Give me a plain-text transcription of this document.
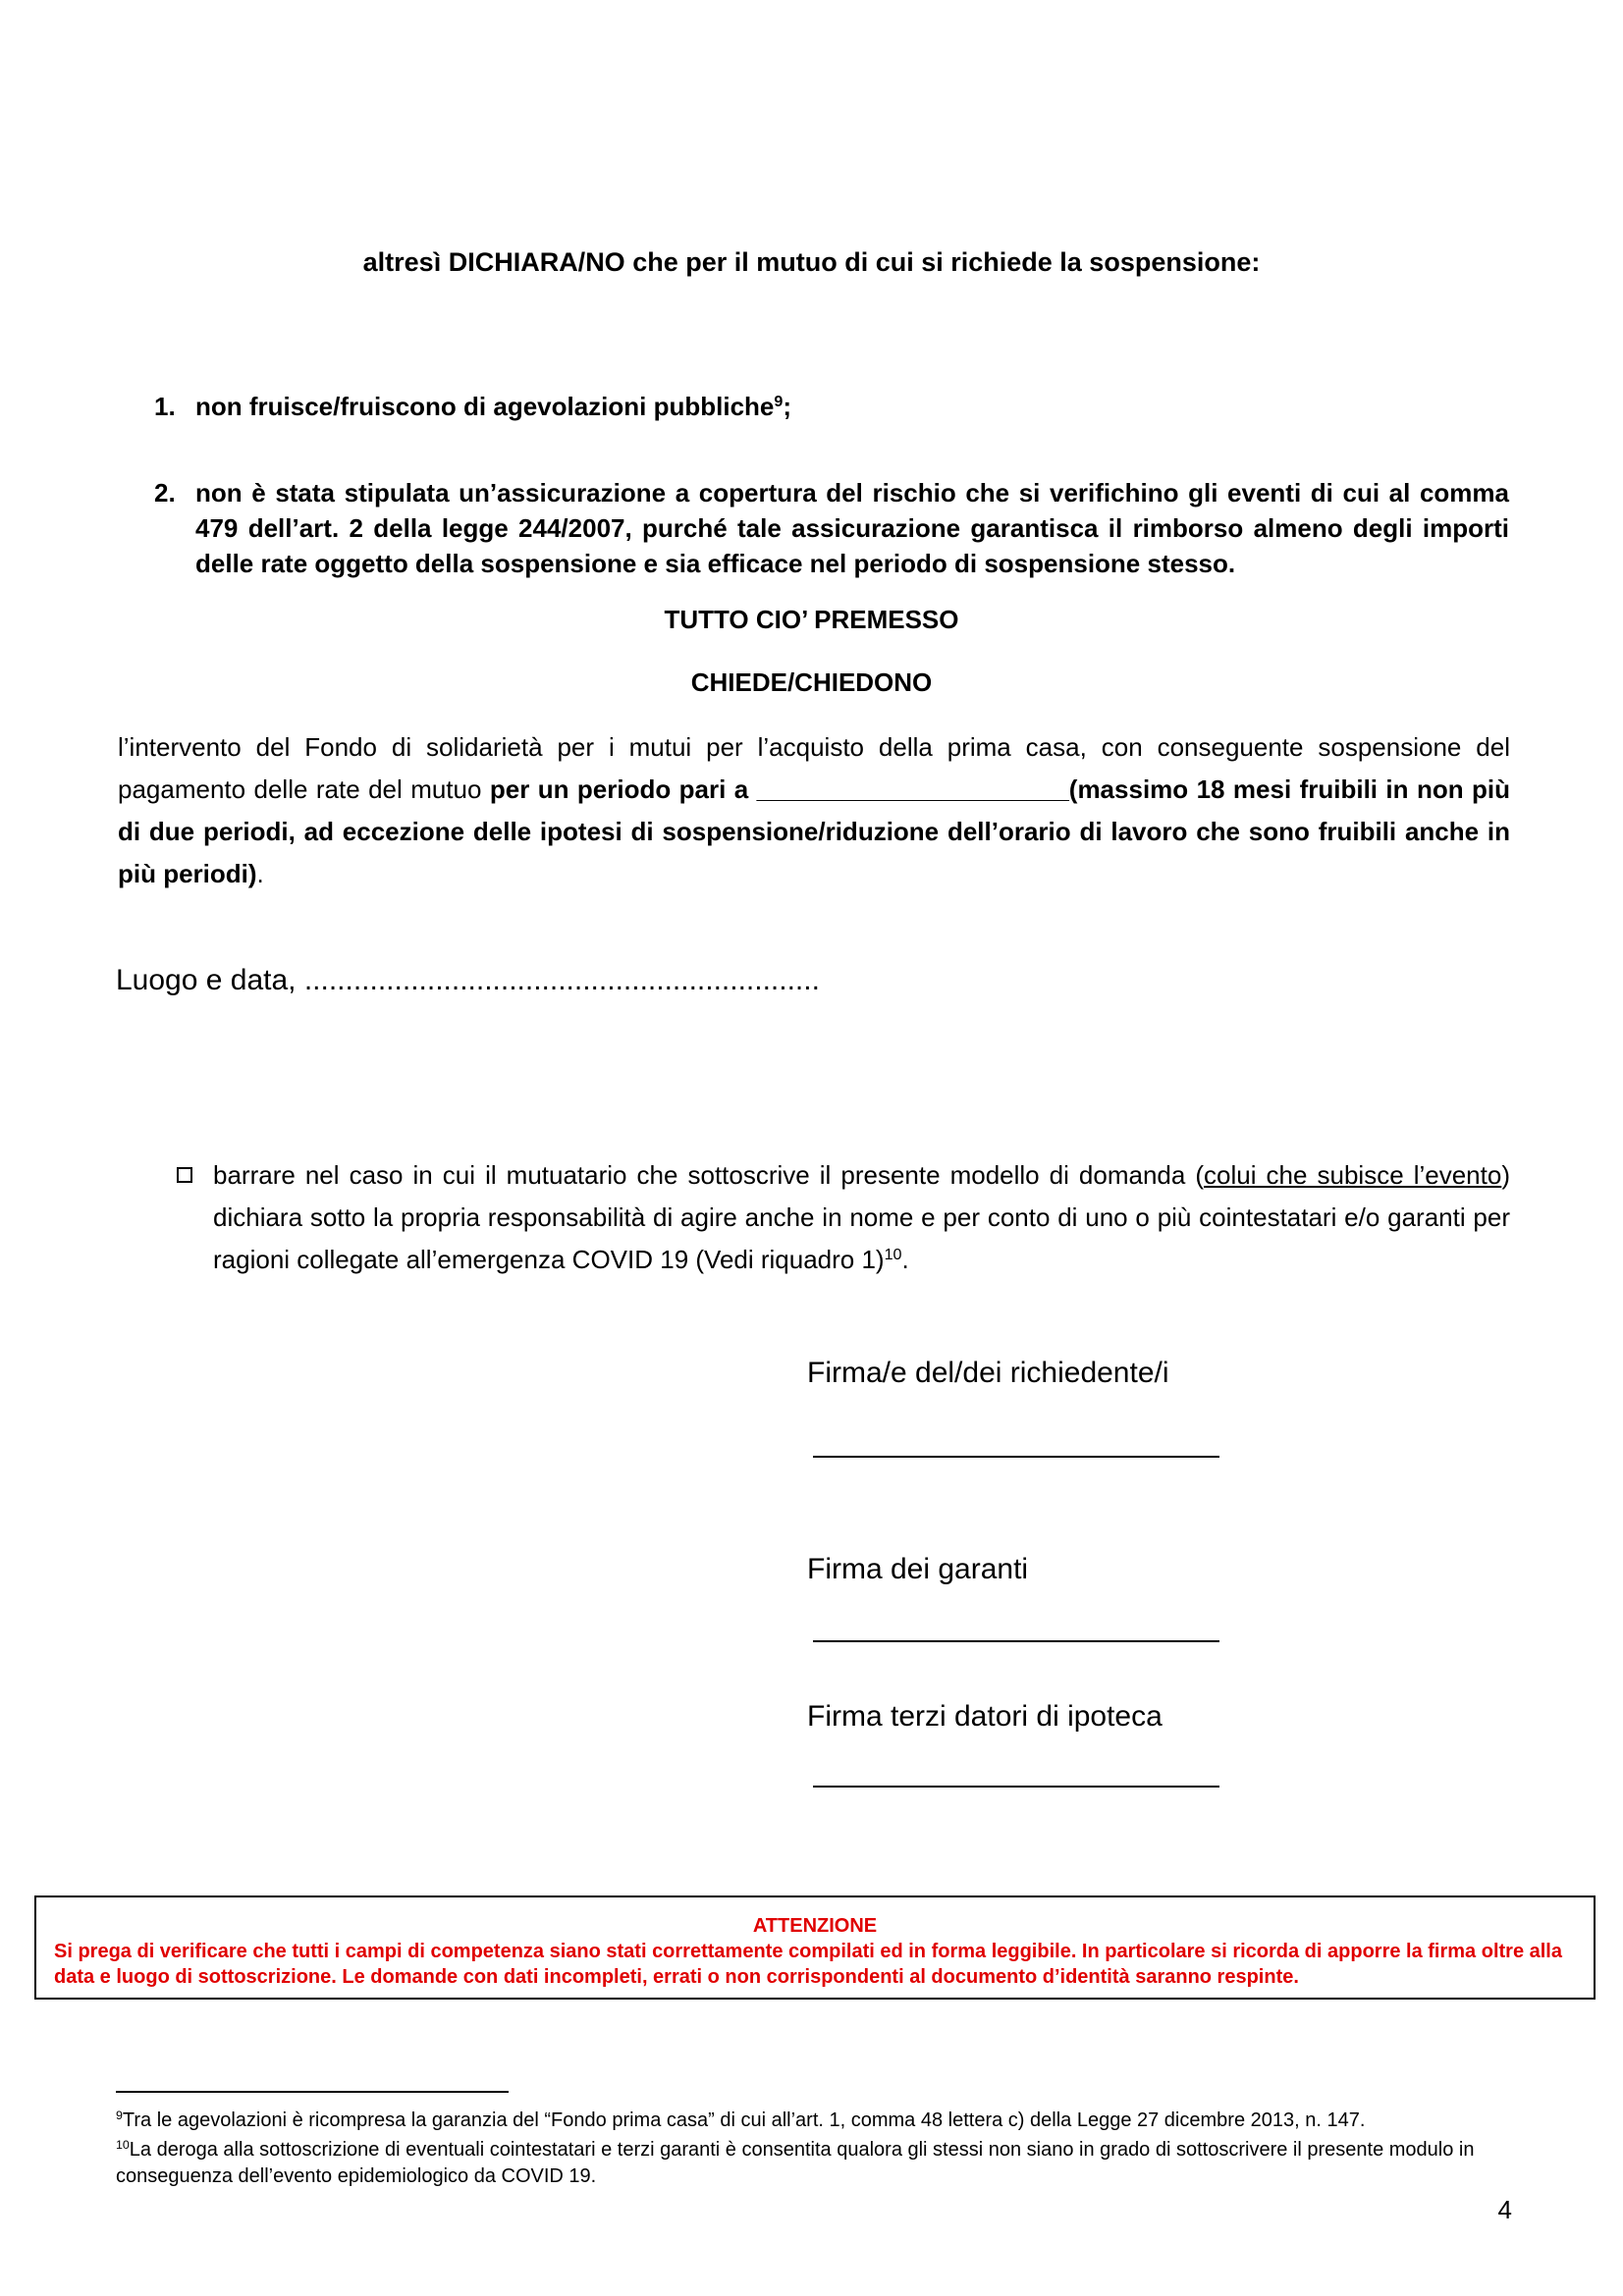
altresì DICHIARA/NO che per il mutuo di cui si richiede la sospensione:
1. non fruisce/fruiscono di agevolazioni pubbliche$^9$;
2. non è stata stipulata un’assicurazione a copertura del rischio che si verifichino gli eventi di cui al comma 479 dell’art. 2 della legge 244/2007, purché tale assicurazione garantisca il rimborso almeno degli importi delle rate oggetto della sospensione e sia efficace nel periodo di sospensione stesso.
TUTTO CIO’ PREMESSO
CHIEDE/CHIEDONO
l’intervento del Fondo di solidarietà per i mutui per l’acquisto della prima casa, con conseguente sospensione del pagamento delle rate del mutuo per un periodo pari a ______________________(massimo 18 mesi fruibili in non più di due periodi, ad eccezione delle ipotesi di sospensione/riduzione dell’orario di lavoro che sono fruibili anche in più periodi).
Luogo e data, ...............................................................
barrare nel caso in cui il mutuatario che sottoscrive il presente modello di domanda (colui che subisce l’evento) dichiara sotto la propria responsabilità di agire anche in nome e per conto di uno o più cointestatari e/o garanti per ragioni collegate all’emergenza COVID 19 (Vedi riquadro 1)$^{10}$.
Firma/e del/dei richiedente/i
Firma dei garanti
Firma terzi datori di ipoteca
ATTENZIONE
Si prega di verificare che tutti i campi di competenza siano stati correttamente compilati ed in forma leggibile. In particolare si ricorda di apporre la firma oltre alla data e luogo di sottoscrizione. Le domande con dati incompleti, errati o non corrispondenti al documento d’identità saranno respinte.
$^9$Tra le agevolazioni è ricompresa la garanzia del “Fondo prima casa” di cui all’art. 1, comma 48 lettera c) della Legge 27 dicembre 2013, n. 147.
$^{10}$La deroga alla sottoscrizione di eventuali cointestatari e terzi garanti è consentita qualora gli stessi non siano in grado di sottoscrivere il presente modulo in conseguenza dell’evento epidemiologico da COVID 19.
4
